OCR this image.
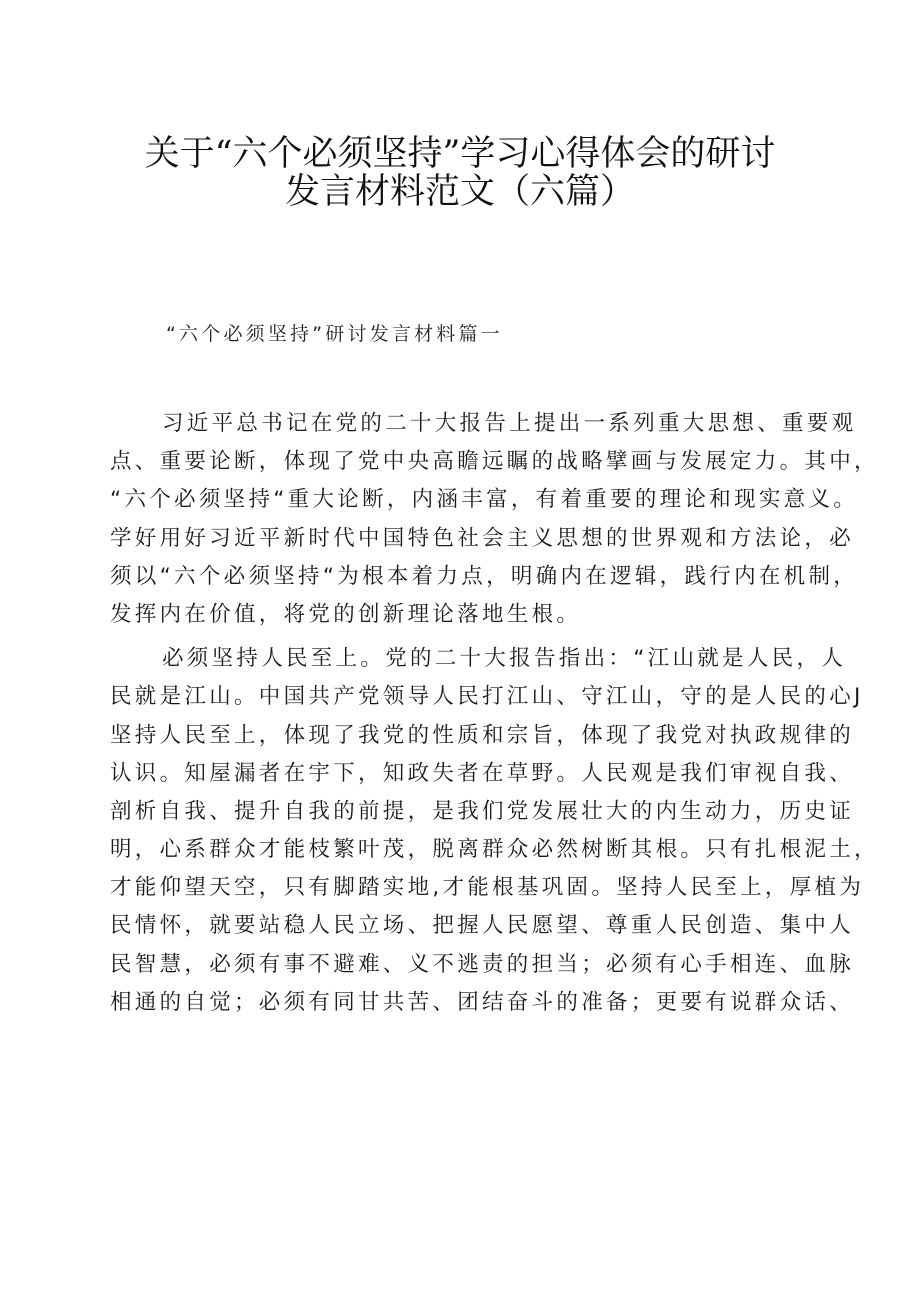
关于“六个必须坚持”学习心得体会的研讨
发言材料范文（六篇）
“六个必须坚持”研讨发言材料篇一
习近平总书记在党的二十大报告上提出一系列重大思想、重要观
点、重要论断，体现了党中央高瞻远瞩的战略擘画与发展定力。其中，
“六个必须坚持“重大论断，内涵丰富，有着重要的理论和现实意义。
学好用好习近平新时代中国特色社会主义思想的世界观和方法论，必
须以“六个必须坚持“为根本着力点，明确内在逻辑，践行内在机制，
发挥内在价值，将党的创新理论落地生根。
必须坚持人民至上。党的二十大报告指出：“江山就是人民，人
民就是江山。中国共产党领导人民打江山、守江山，守的是人民的心J
坚持人民至上，体现了我党的性质和宗旨，体现了我党对执政规律的
认识。知屋漏者在宇下，知政失者在草野。人民观是我们审视自我、
剖析自我、提升自我的前提，是我们党发展壮大的内生动力，历史证
明，心系群众才能枝繁叶茂，脱离群众必然树断其根。只有扎根泥土，
才能仰望天空，只有脚踏实地,才能根基巩固。坚持人民至上，厚植为
民情怀，就要站稳人民立场、把握人民愿望、尊重人民创造、集中人
民智慧，必须有事不避难、义不逃责的担当；必须有心手相连、血脉
相通的自觉；必须有同甘共苦、团结奋斗的准备；更要有说群众话、
